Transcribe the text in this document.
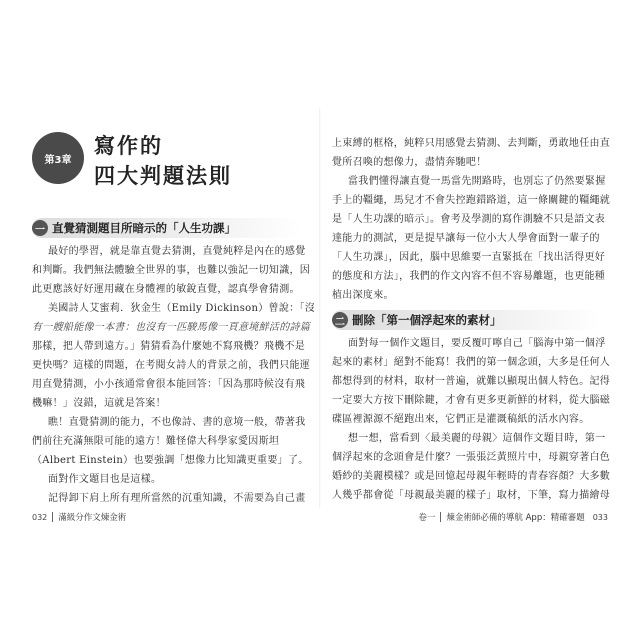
第3章
寫作的
四大判題法則
一 直覺猜測題目所暗示的「人生功課」
最好的學習，就是靠直覺去猜測，直覺純粹是內在的感覺
和判斷。我們無法體驗全世界的事，也難以強記一切知識，因
此更應該好好運用藏在身體裡的敏銳直覺，認真學會猜測。
美國詩人艾蜜莉．狄金生（Emily Dickinson）曾說：「沒
有一艘船能像一本書：也沒有一匹駿馬像一頁意境鮮活的詩篇
那樣，把人帶到遠方。」猜猜看為什麼她不寫飛機？飛機不是
更快嗎？這樣的問題，在考閱女詩人的背景之前，我們只能運
用直覺猜測，小小孩通常會很本能回答：「因為那時候沒有飛
機嘛！」沒錯，這就是答案！
瞧！直覺猜測的能力，不也像詩、書的意境一般，帶著我
們前往充滿無限可能的遠方！難怪偉大科學家愛因斯坦
（Albert Einstein）也要強調「想像力比知識更重要」了。
面對作文題目也是這樣。
記得卸下肩上所有理所當然的沉重知識，不需要為自己畫
032 滿級分作文煉金術
上束縛的框格，純粹只用感覺去猜測、去判斷，勇敢地任由直
覺所召喚的想像力，盡情奔馳吧！
當我們懂得讓直覺一馬當先開路時，也別忘了仍然要緊握
手上的韁繩，馬兒才不會失控跑錯路道，這一條關鍵的韁繩就
是「人生功課的暗示」。會考及學測的寫作測驗不只是語文表
達能力的測試，更是提早讓每一位小大人學會面對一輩子的
「人生功課」，因此，腦中思維要一直緊抵在「找出活得更好
的態度和方法」，我們的作文內容不但不容易離題，也更能種
植出深度來。
二 刪除「第一個浮起來的素材」
面對每一個作文題目，要反覆叮嚀自己「腦海中第一個浮
起來的素材」絕對不能寫！我們的第一個念頭，大多是任何人
都想得到的材料，取材一普遍，就難以顯現出個人特色。記得
一定要大方按下刪除鍵，才會有更多更新鮮的材料，從大腦磁
碟區裡源源不絕跑出來，它們正是灌溉稿紙的活水內容。
想一想，當看到〈最美麗的母親〉這個作文題目時，第一
個浮起來的念頭會是什麼？一張張泛黃照片中，母親穿著白色
婚紗的美麗模樣？或是回憶起母親年輕時的青春容顏？大多數
人幾乎都會從「母親最美麗的樣子」取材，下筆，寫力描繪母
卷一 煉金術師必備的導航 App：精確審題 033
